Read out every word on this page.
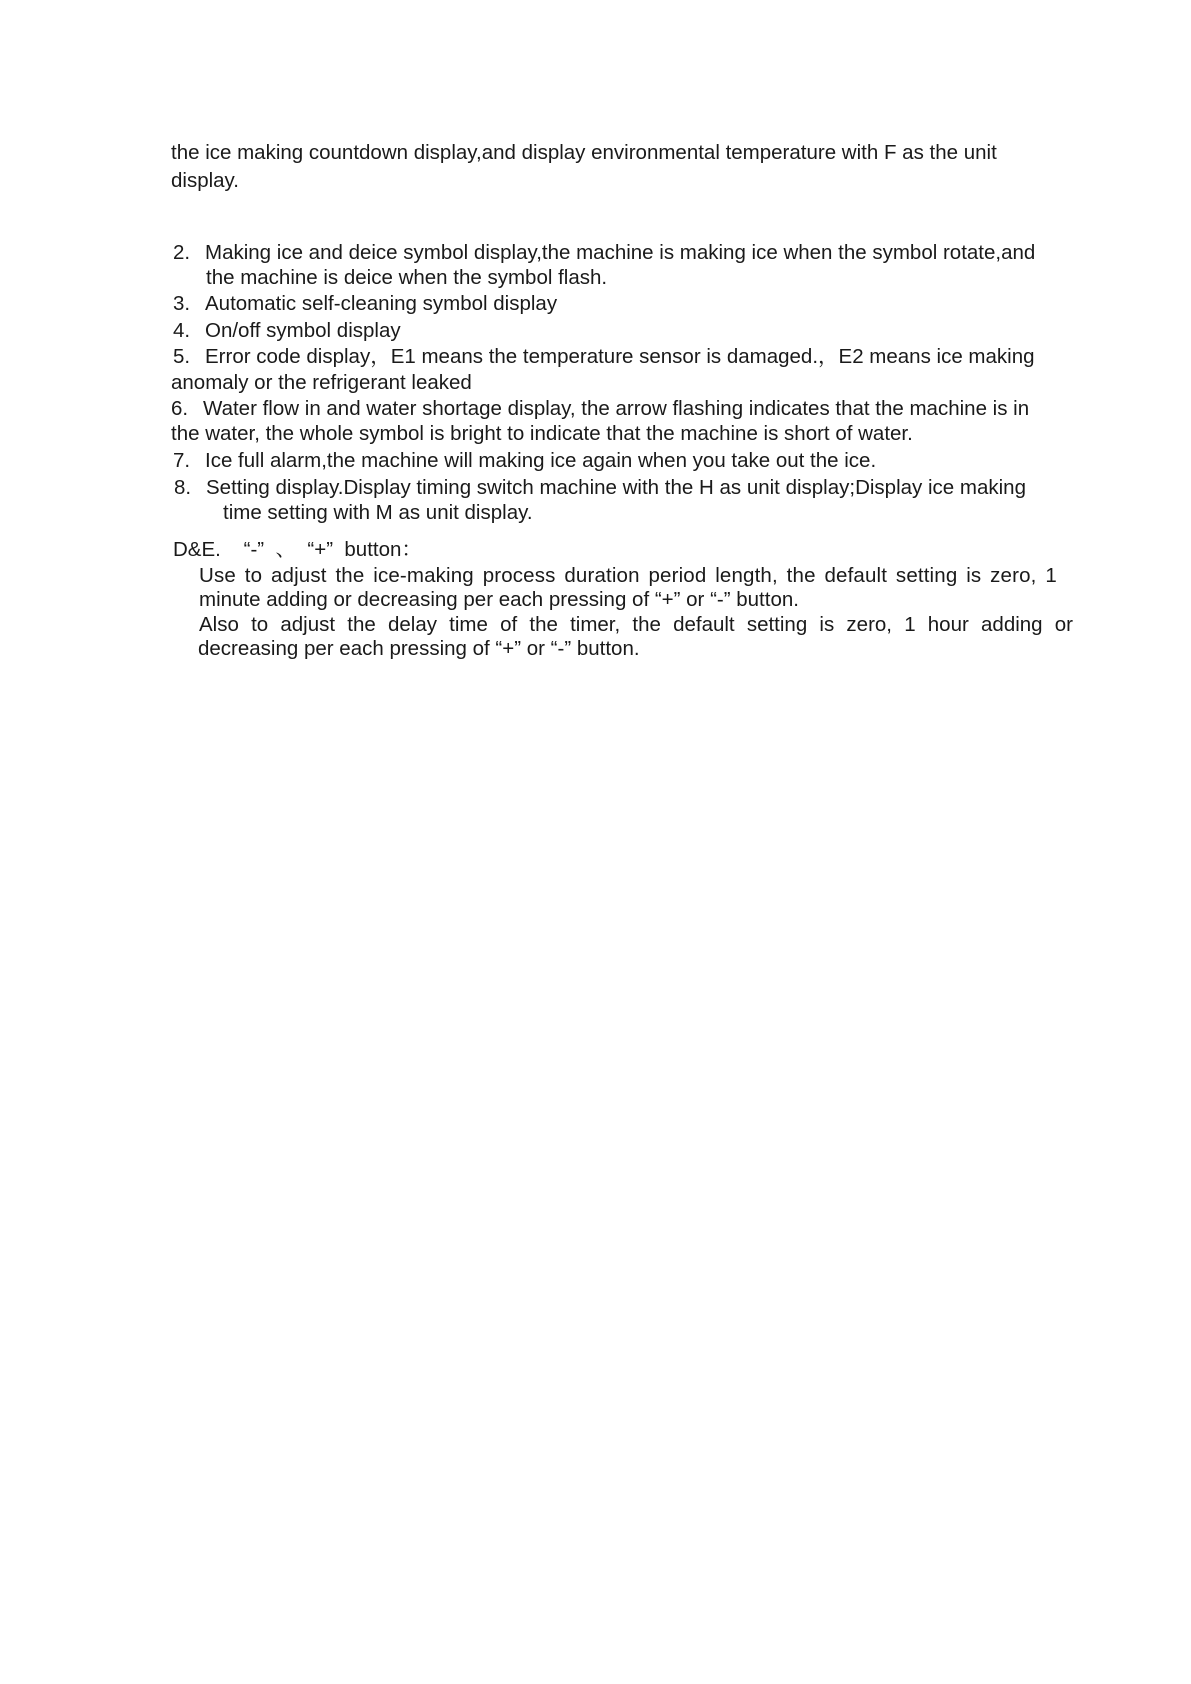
the ice making countdown display,and display environmental temperature with F as the unit

display.

2. Making ice and deice symbol display,the machine is making ice when the symbol rotate,and

the machine is deice when the symbol flash.

3. Automatic self-cleaning symbol display

4. On/off symbol display

5. Error code display，E1 means the temperature sensor is damaged.，E2 means ice making

anomaly or the refrigerant leaked

6. Water flow in and water shortage display, the arrow flashing indicates that the machine is in

the water, the whole symbol is bright to indicate that the machine is short of water.

7. Ice full alarm,the machine will making ice again when you take out the ice.

8. Setting display.Display timing switch machine with the H as unit display;Display ice making

time setting with M as unit display.

D&E.    “-”  、  “+”  button：

Use to adjust the ice-making process duration period length, the default setting is zero, 1

minute adding or decreasing per each pressing of “+” or “-” button.

Also to adjust the delay time of the timer, the default setting is zero, 1 hour adding or

decreasing per each pressing of “+” or “-” button.
